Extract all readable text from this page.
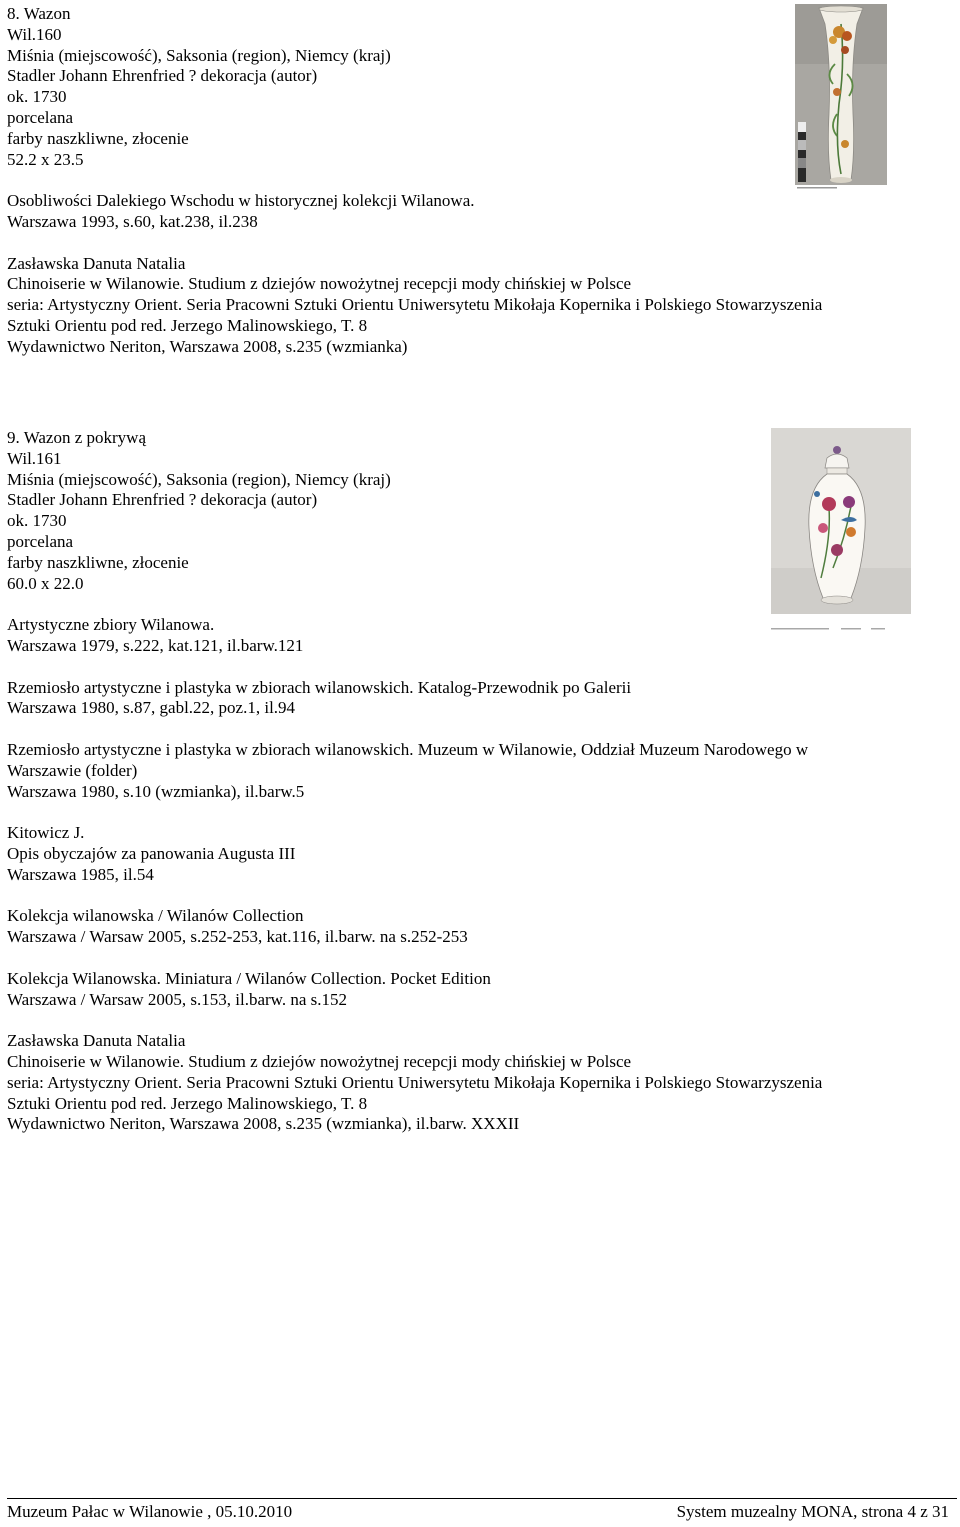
8. Wazon
Wil.160
Miśnia (miejscowość), Saksonia (region), Niemcy (kraj)
Stadler Johann Ehrenfried ? dekoracja (autor)
ok. 1730
porcelana
farby naszkliwne, złocenie
52.2 x 23.5
Osobliwości Dalekiego Wschodu w historycznej kolekcji Wilanowa.
Warszawa 1993, s.60, kat.238, il.238
Zasławska Danuta Natalia
Chinoiserie w Wilanowie. Studium z dziejów nowożytnej recepcji mody chińskiej w Polsce
seria: Artystyczny Orient. Seria Pracowni Sztuki Orientu Uniwersytetu Mikołaja Kopernika i Polskiego Stowarzyszenia
Sztuki Orientu pod red. Jerzego Malinowskiego, T. 8
Wydawnictwo Neriton, Warszawa 2008, s.235 (wzmianka)
9. Wazon z pokrywą
Wil.161
Miśnia (miejscowość), Saksonia (region), Niemcy (kraj)
Stadler Johann Ehrenfried ? dekoracja (autor)
ok. 1730
porcelana
farby naszkliwne, złocenie
60.0 x 22.0
Artystyczne zbiory Wilanowa.
Warszawa 1979, s.222, kat.121, il.barw.121
Rzemiosło artystyczne i plastyka w zbiorach wilanowskich. Katalog-Przewodnik po Galerii
Warszawa 1980, s.87, gabl.22, poz.1, il.94
Rzemiosło artystyczne i plastyka w zbiorach wilanowskich. Muzeum w Wilanowie, Oddział Muzeum Narodowego w
Warszawie (folder)
Warszawa 1980, s.10 (wzmianka), il.barw.5
Kitowicz J.
Opis obyczajów za panowania Augusta III
Warszawa 1985, il.54
Kolekcja wilanowska / Wilanów Collection
Warszawa / Warsaw 2005, s.252-253, kat.116, il.barw. na s.252-253
Kolekcja Wilanowska. Miniatura / Wilanów Collection. Pocket Edition
Warszawa / Warsaw 2005, s.153, il.barw. na s.152
Zasławska Danuta Natalia
Chinoiserie w Wilanowie. Studium z dziejów nowożytnej recepcji mody chińskiej w Polsce
seria: Artystyczny Orient. Seria Pracowni Sztuki Orientu Uniwersytetu Mikołaja Kopernika i Polskiego Stowarzyszenia
Sztuki Orientu pod red. Jerzego Malinowskiego, T. 8
Wydawnictwo Neriton, Warszawa 2008, s.235 (wzmianka), il.barw. XXXII
Muzeum Pałac w Wilanowie , 05.10.2010	System muzealny MONA, strona 4 z 31
